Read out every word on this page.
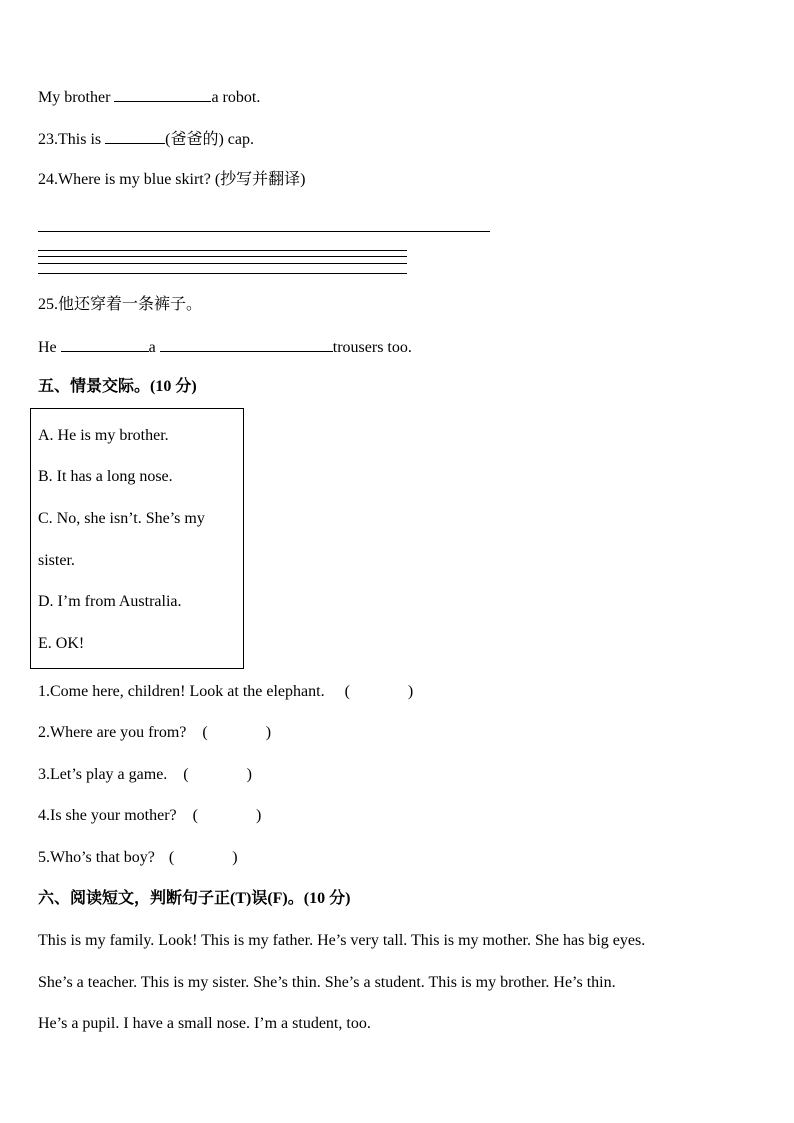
My brother	a robot.
23.This is	(爸爸的) cap.
24.Where is my blue skirt? (抄写并翻译)
25.他还穿着一条裤子。
He	a	trousers too.
五、情景交际。(10 分)
A. He is my brother.
B. It has a long nose.
C. No, she isn’t. She’s my
sister.
D. I’m from Australia.
E. OK!
1.Come here, children! Look at the elephant. (	)
2.Where are you from? (	)
3.Let’s play a game. (	)
4.Is she your mother? (	)
5.Who’s that boy? (	)
六、阅读短文，判断句子正(T)误(F)。(10 分)
This is my family. Look! This is my father. He’s very tall. This is my mother. She has big eyes.
She’s a teacher. This is my sister. She’s thin. She’s a student. This is my brother. He’s thin.
He’s a pupil. I have a small nose. I’m a student, too.
